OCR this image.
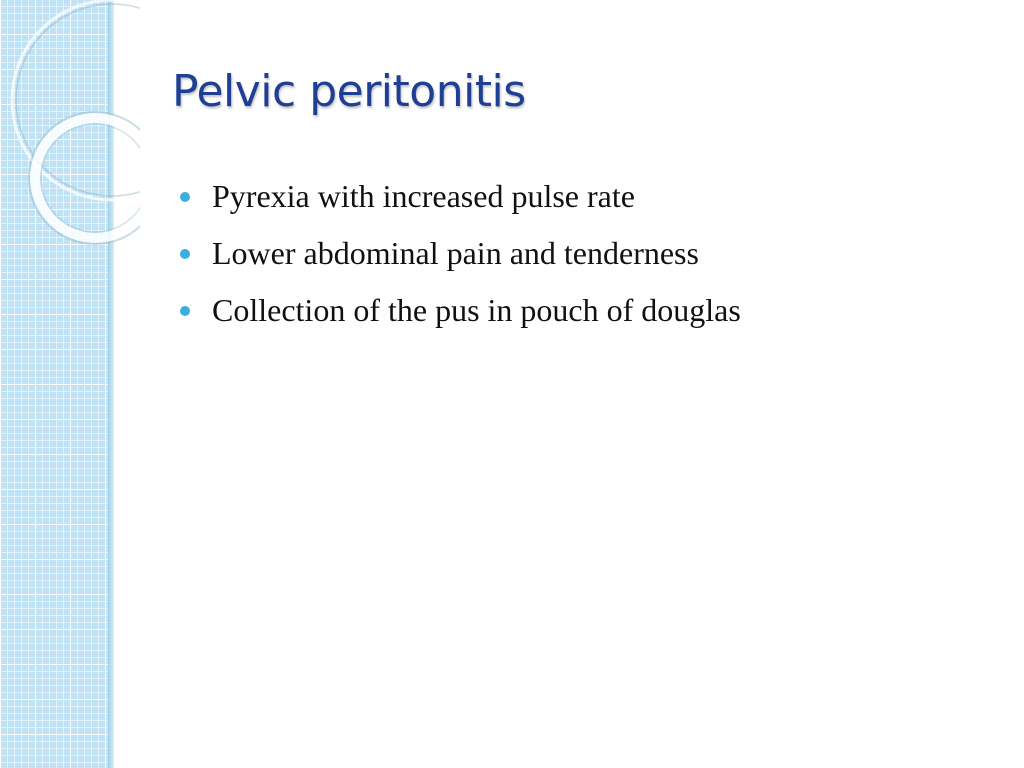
Pelvic peritonitis
Pyrexia with increased pulse rate
Lower abdominal pain and tenderness
Collection of the pus in pouch of douglas
